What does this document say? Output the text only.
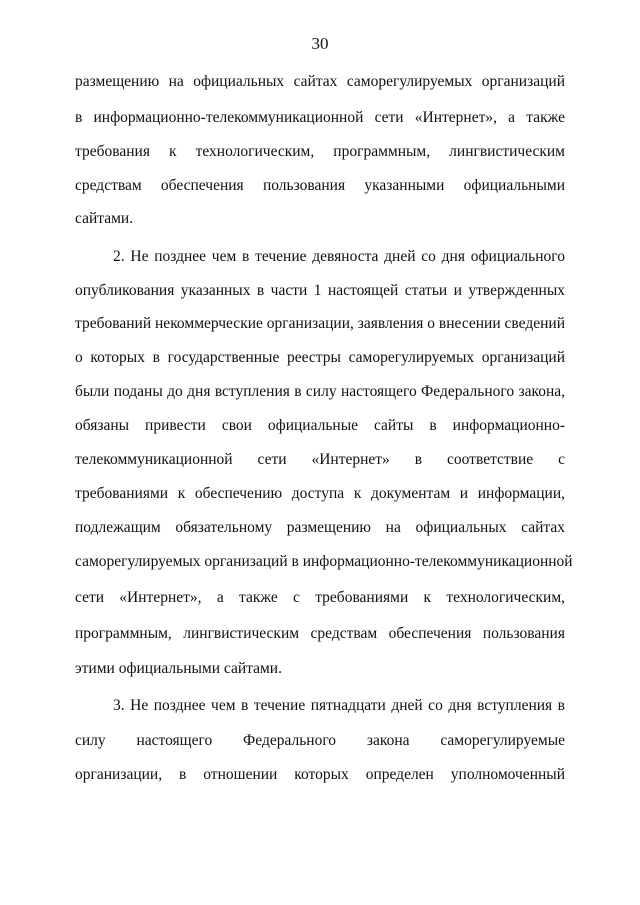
30
размещению на официальных сайтах саморегулируемых организаций
в информационно-телекоммуникационной сети «Интернет», а также
требования к технологическим, программным, лингвистическим
средствам обеспечения пользования указанными официальными
сайтами.
2. Не позднее чем в течение девяноста дней со дня официального
опубликования указанных в части 1 настоящей статьи и утвержденных
требований некоммерческие организации, заявления о внесении сведений
о которых в государственные реестры саморегулируемых организаций
были поданы до дня вступления в силу настоящего Федерального закона,
обязаны привести свои официальные сайты в информационно-
телекоммуникационной сети «Интернет» в соответствие с
требованиями к обеспечению доступа к документам и информации,
подлежащим обязательному размещению на официальных сайтах
саморегулируемых организаций в информационно-телекоммуникационной
сети «Интернет», а также с требованиями к технологическим,
программным, лингвистическим средствам обеспечения пользования
этими официальными сайтами.
3. Не позднее чем в течение пятнадцати дней со дня вступления в
силу настоящего Федерального закона саморегулируемые
организации, в отношении которых определен уполномоченный
